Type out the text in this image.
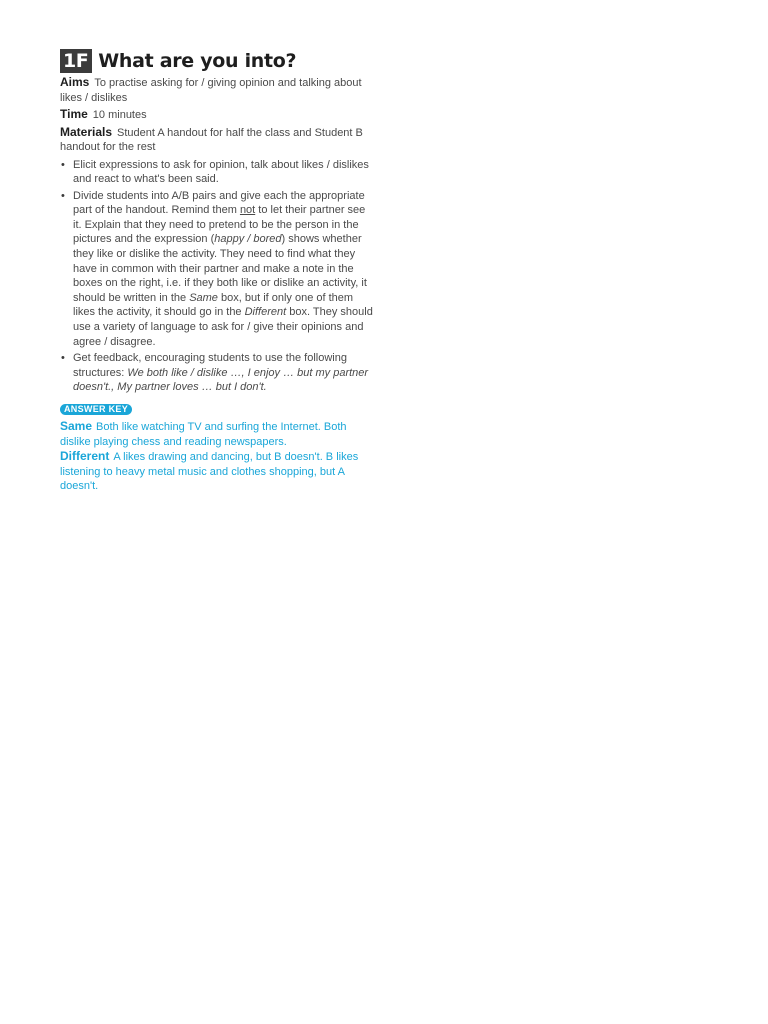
1F What are you into?
Aims To practise asking for / giving opinion and talking about likes / dislikes
Time 10 minutes
Materials Student A handout for half the class and Student B handout for the rest
• Elicit expressions to ask for opinion, talk about likes / dislikes and react to what's been said.
• Divide students into A/B pairs and give each the appropriate part of the handout. Remind them not to let their partner see it. Explain that they need to pretend to be the person in the pictures and the expression (happy / bored) shows whether they like or dislike the activity. They need to find what they have in common with their partner and make a note in the boxes on the right, i.e. if they both like or dislike an activity, it should be written in the Same box, but if only one of them likes the activity, it should go in the Different box. They should use a variety of language to ask for / give their opinions and agree / disagree.
• Get feedback, encouraging students to use the following structures: We both like / dislike …, I enjoy … but my partner doesn't., My partner loves … but I don't.
ANSWER KEY
Same Both like watching TV and surfing the Internet. Both dislike playing chess and reading newspapers.
Different A likes drawing and dancing, but B doesn't. B likes listening to heavy metal music and clothes shopping, but A doesn't.
